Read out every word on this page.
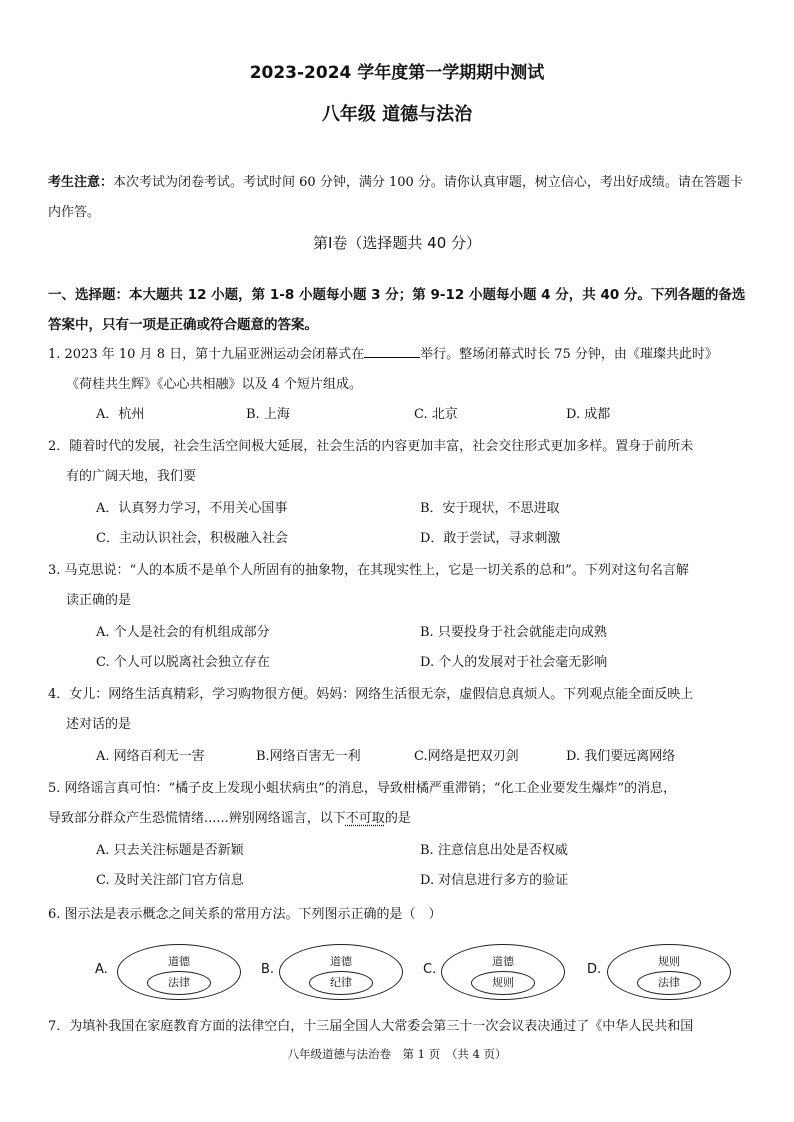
2023-2024 学年度第一学期期中测试
八年级 道德与法治
考生注意：本次考试为闭卷考试。考试时间 60 分钟，满分 100 分。请你认真审题，树立信心，考出好成绩。请在答题卡内作答。
第Ⅰ卷（选择题共 40 分）
一、选择题：本大题共 12 小题，第 1-8 小题每小题 3 分；第 9-12 小题每小题 4 分，共 40 分。下列各题的备选答案中，只有一项是正确或符合题意的答案。
1. 2023 年 10 月 8 日，第十九届亚洲运动会闭幕式在	举行。整场闭幕式时长 75 分钟，由《璀璨共此时》
《荷桂共生辉》《心心共相融》以及 4 个短片组成。
A．杭州	B. 上海	C. 北京	D. 成都
2．随着时代的发展，社会生活空间极大延展，社会生活的内容更加丰富，社会交往形式更加多样。置身于前所未
有的广阔天地，我们要
A．认真努力学习，不用关心国事	B．安于现状，不思进取
C．主动认识社会，积极融入社会	D．敢于尝试，寻求刺激
3. 马克思说：“人的本质不是单个人所固有的抽象物，在其现实性上，它是一切关系的总和”。下列对这句名言解
读正确的是
A. 个人是社会的有机组成部分	B. 只要投身于社会就能走向成熟
C. 个人可以脱离社会独立存在	D. 个人的发展对于社会毫无影响
4．女儿：网络生活真精彩，学习购物很方便。妈妈：网络生活很无奈，虚假信息真烦人。下列观点能全面反映上
述对话的是
A. 网络百利无一害	B.网络百害无一利	C.网络是把双刃剑	D. 我们要远离网络
5. 网络谣言真可怕：“橘子皮上发现小蛆状病虫”的消息，导致柑橘严重滞销；“化工企业要发生爆炸”的消息，
导致部分群众产生恐慌情绪......辨别网络谣言，以下不可取的是
A. 只去关注标题是否新颖	B. 注意信息出处是否权威
C. 及时关注部门官方信息	D. 对信息进行多方的验证
6. 图示法是表示概念之间关系的常用方法。下列图示正确的是（　）
A.
道德
法律
B.
道德
纪律
C.
道德
规则
D.
规则
法律
7．为填补我国在家庭教育方面的法律空白，十三届全国人大常委会第三十一次会议表决通过了《中华人民共和国
八年级道德与法治卷　第 1 页　（共 4 页）
